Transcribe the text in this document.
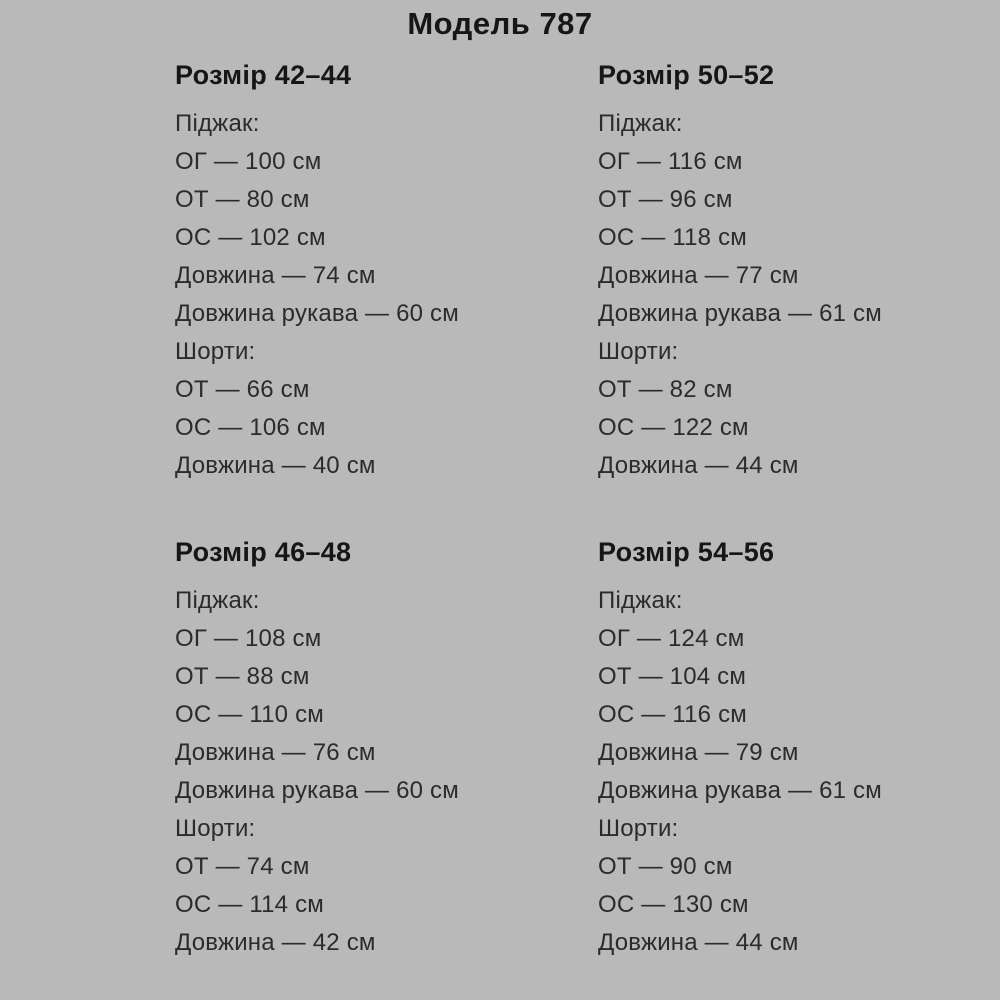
Модель 787
Розмір 42–44
Піджак:
ОГ — 100 см
ОТ — 80 см
ОС — 102 см
Довжина — 74 см
Довжина рукава — 60 см
Шорти:
ОТ — 66 см
ОС — 106 см
Довжина — 40 см
Розмір 50–52
Піджак:
ОГ — 116 см
ОТ — 96 см
ОС — 118 см
Довжина — 77 см
Довжина рукава — 61 см
Шорти:
ОТ — 82 см
ОС — 122 см
Довжина — 44 см
Розмір 46–48
Піджак:
ОГ — 108 см
ОТ — 88 см
ОС — 110 см
Довжина — 76 см
Довжина рукава — 60 см
Шорти:
ОТ — 74 см
ОС — 114 см
Довжина — 42 см
Розмір 54–56
Піджак:
ОГ — 124 см
ОТ — 104 см
ОС — 116 см
Довжина — 79 см
Довжина рукава — 61 см
Шорти:
ОТ — 90 см
ОС — 130 см
Довжина — 44 см
